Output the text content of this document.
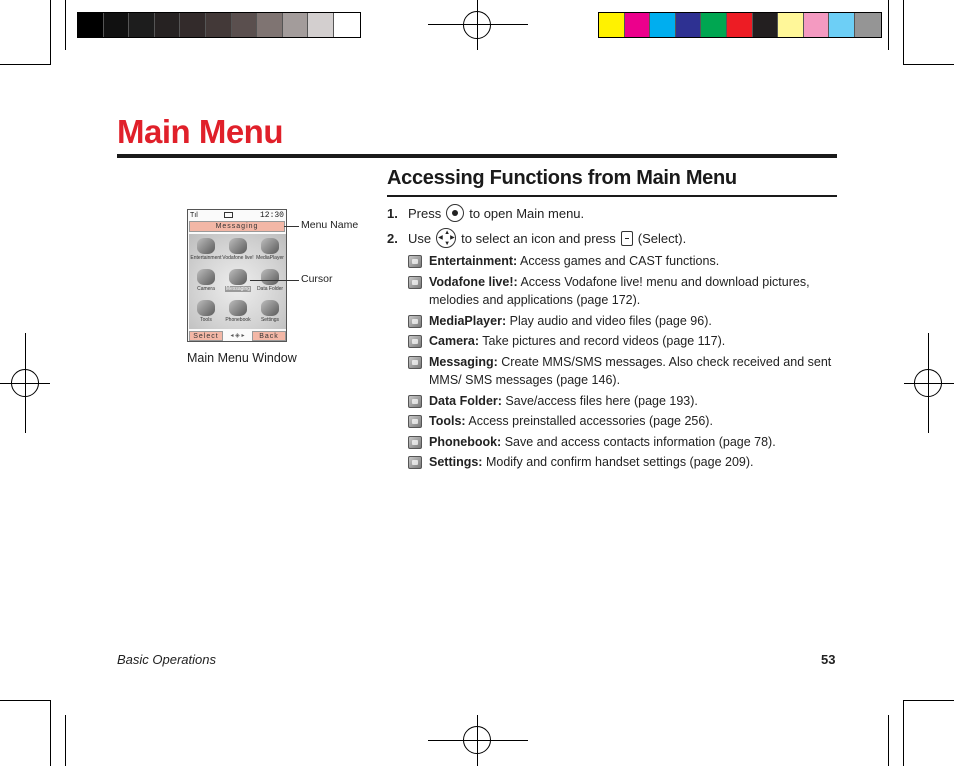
Main Menu
Accessing Functions from Main Menu
1. Press to open Main menu.
2. Use ▲
▼
◀ ▶ to select an icon and press (Select).
Entertainment: Access games and CAST functions.
Vodafone live!: Access Vodafone live! menu and download pictures, melodies and applications (page 172).
MediaPlayer: Play audio and video files (page 96).
Camera: Take pictures and record videos (page 117).
Messaging: Create MMS/SMS messages. Also check received and sent MMS/ SMS messages (page 146).
Data Folder: Save/access files here (page 193).
Tools: Access preinstalled accessories (page 256).
Phonebook: Save and access contacts information (page 78).
Settings: Modify and confirm handset settings (page 209).
Tıl	12:30
Messaging
Entertainment Vodafone live! MediaPlayer
Camera Messaging Data Folder
Tools	Phonebook Settings
Select	◂ ◈ ▸	Back
Menu Name
Cursor
Main Menu Window
Basic Operations	53
